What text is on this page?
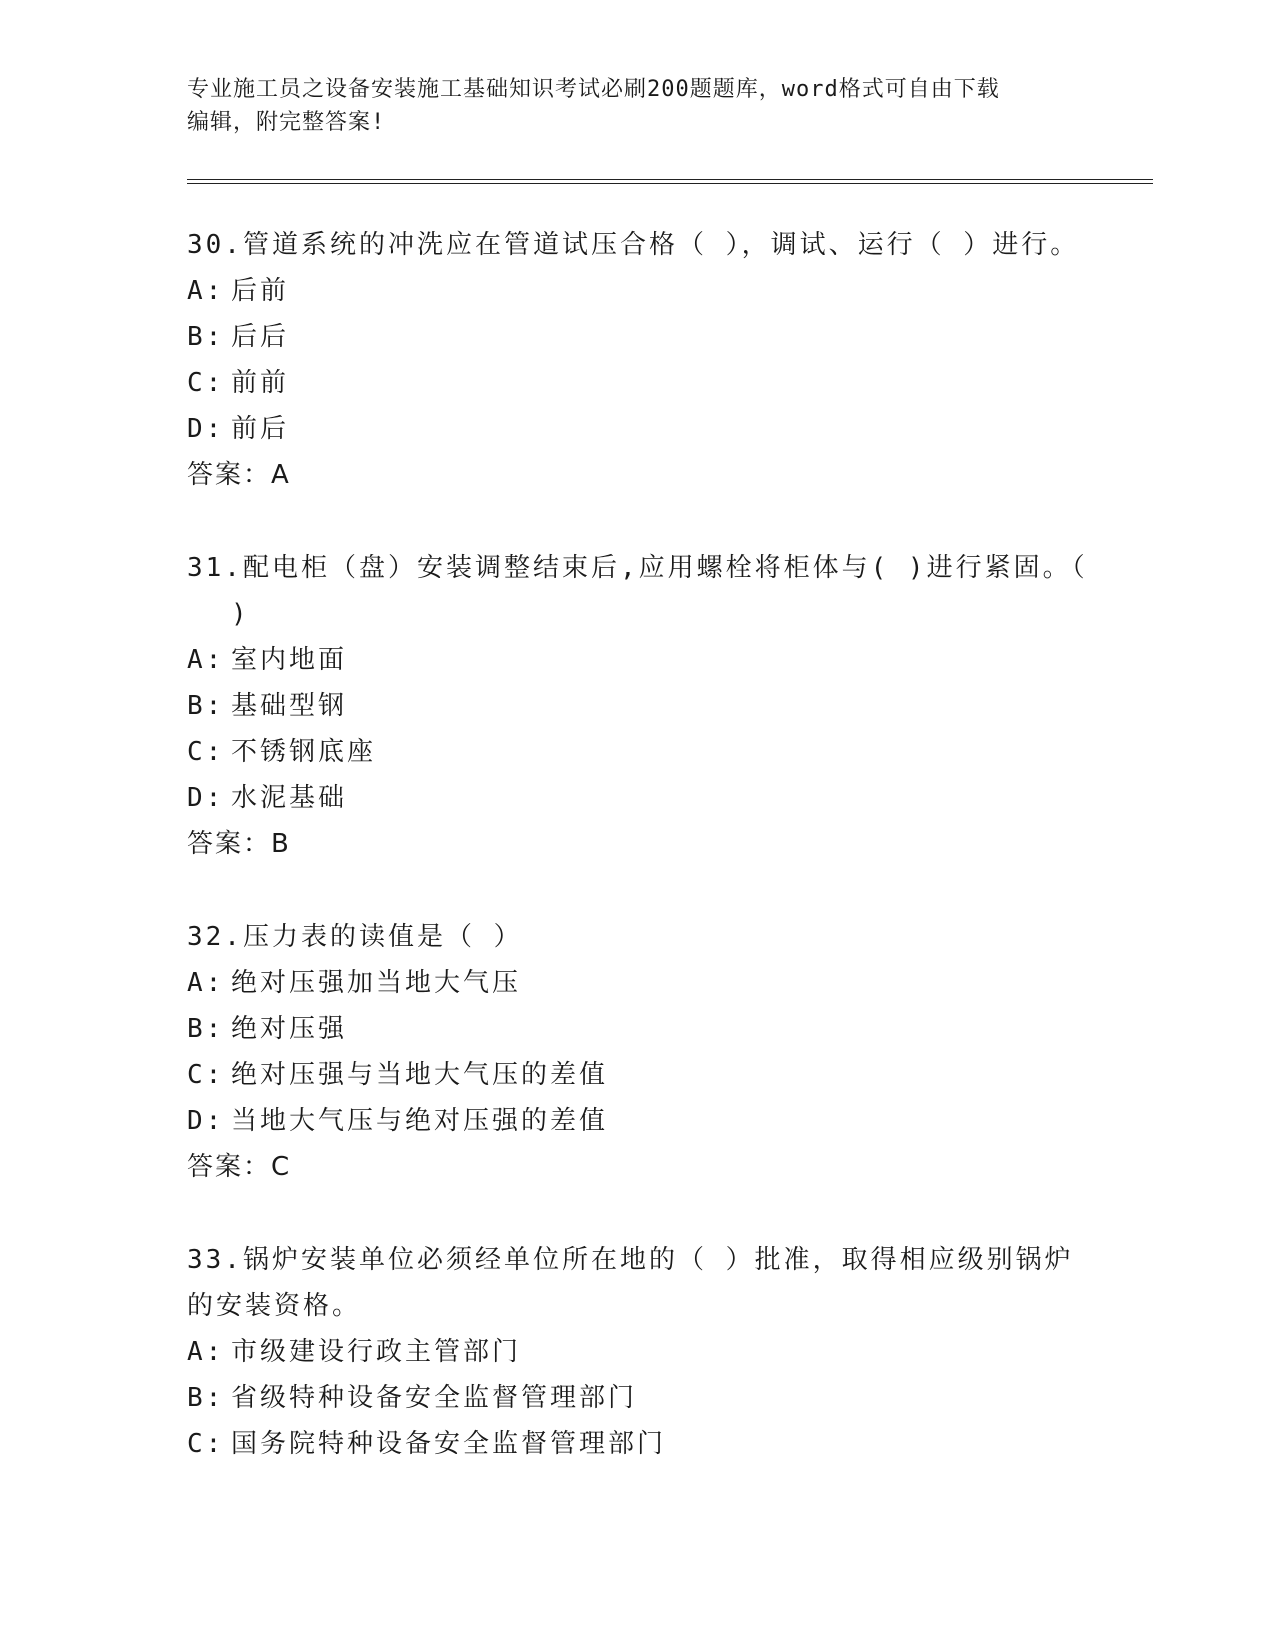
专业施工员之设备安装施工基础知识考试必刷200题题库，word格式可自由下载
编辑，附完整答案!
30.管道系统的冲洗应在管道试压合格（ ），调试、运行（ ）进行。
A: 后前
B: 后后
C: 前前
D: 前后
答案：A
31.配电柜（盘）安装调整结束后,应用螺栓将柜体与( )进行紧固。（
)
A: 室内地面
B: 基础型钢
C: 不锈钢底座
D: 水泥基础
答案：B
32.压力表的读值是（ ）
A: 绝对压强加当地大气压
B: 绝对压强
C: 绝对压强与当地大气压的差值
D: 当地大气压与绝对压强的差值
答案：C
33.锅炉安装单位必须经单位所在地的（ ）批准，取得相应级别锅炉
的安装资格。
A: 市级建设行政主管部门
B: 省级特种设备安全监督管理部门
C: 国务院特种设备安全监督管理部门
